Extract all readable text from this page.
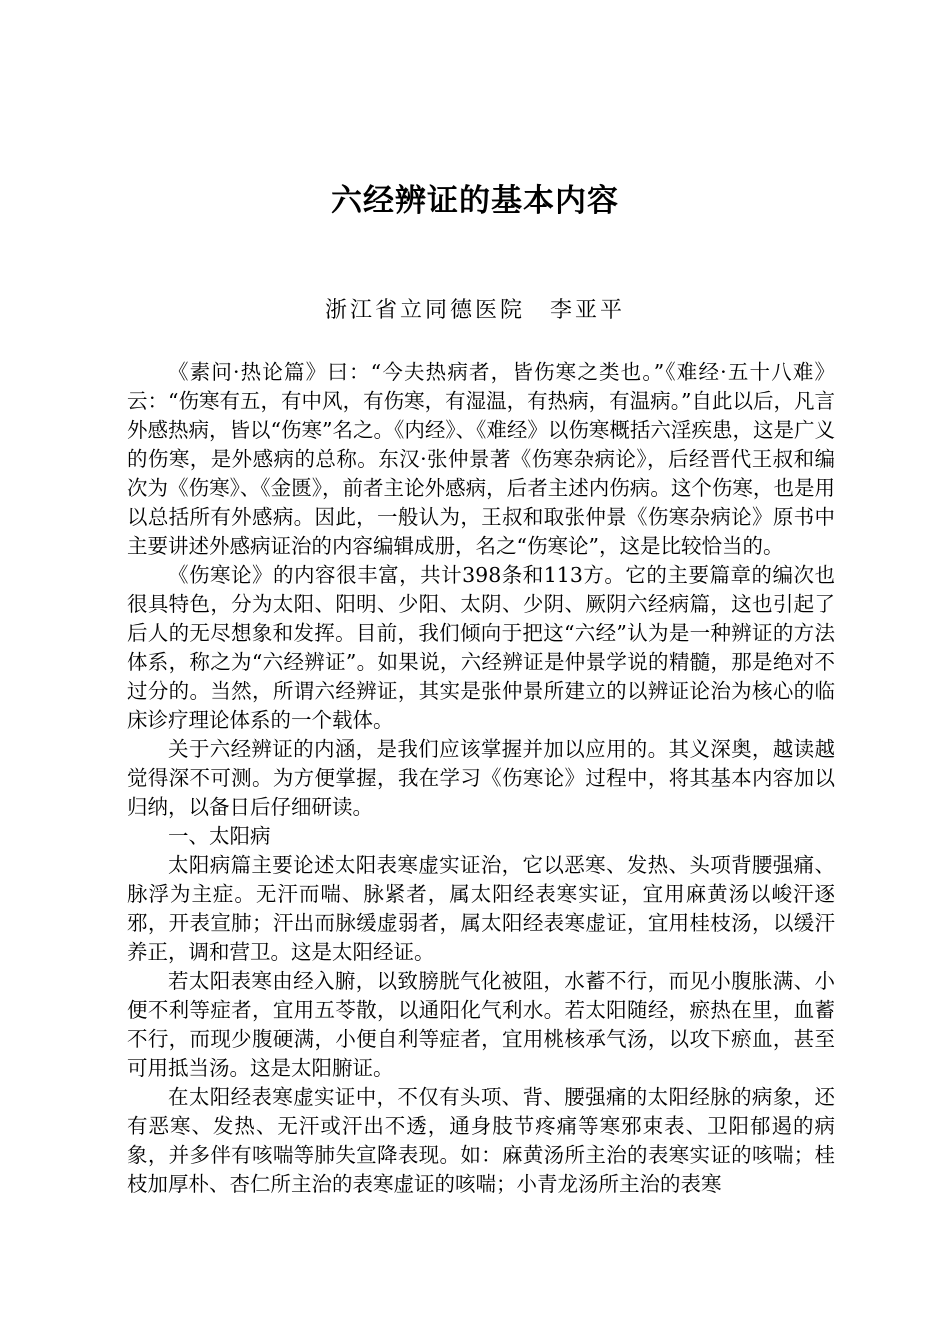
六经辨证的基本内容
浙江省立同德医院　李亚平

《素问·热论篇》曰：“今夫热病者，皆伤寒之类也。”《难经·五十八难》云：“伤寒有五，有中风，有伤寒，有湿温，有热病，有温病。”自此以后，凡言外感热病，皆以“伤寒”名之。《内经》、《难经》以伤寒概括六淫疾患，这是广义的伤寒，是外感病的总称。东汉·张仲景著《伤寒杂病论》，后经晋代王叔和编次为《伤寒》、《金匮》，前者主论外感病，后者主述内伤病。这个伤寒，也是用以总括所有外感病。因此，一般认为，王叔和取张仲景《伤寒杂病论》原书中主要讲述外感病证治的内容编辑成册，名之“伤寒论”，这是比较恰当的。

《伤寒论》的内容很丰富，共计398条和113方。它的主要篇章的编次也很具特色，分为太阳、阳明、少阳、太阴、少阴、厥阴六经病篇，这也引起了后人的无尽想象和发挥。目前，我们倾向于把这“六经”认为是一种辨证的方法体系，称之为“六经辨证”。如果说，六经辨证是仲景学说的精髓，那是绝对不过分的。当然，所谓六经辨证，其实是张仲景所建立的以辨证论治为核心的临床诊疗理论体系的一个载体。

关于六经辨证的内涵，是我们应该掌握并加以应用的。其义深奥，越读越觉得深不可测。为方便掌握，我在学习《伤寒论》过程中，将其基本内容加以归纳，以备日后仔细研读。

一、太阳病

太阳病篇主要论述太阳表寒虚实证治，它以恶寒、发热、头项背腰强痛、脉浮为主症。无汗而喘、脉紧者，属太阳经表寒实证，宜用麻黄汤以峻汗逐邪，开表宣肺；汗出而脉缓虚弱者，属太阳经表寒虚证，宜用桂枝汤，以缓汗养正，调和营卫。这是太阳经证。

若太阳表寒由经入腑，以致膀胱气化被阻，水蓄不行，而见小腹胀满、小便不利等症者，宜用五苓散，以通阳化气利水。若太阳随经，瘀热在里，血蓄不行，而现少腹硬满，小便自利等症者，宜用桃核承气汤，以攻下瘀血，甚至可用抵当汤。这是太阳腑证。

在太阳经表寒虚实证中，不仅有头项、背、腰强痛的太阳经脉的病象，还有恶寒、发热、无汗或汗出不透，通身肢节疼痛等寒邪束表、卫阳郁遏的病象，并多伴有咳喘等肺失宣降表现。如：麻黄汤所主治的表寒实证的咳喘；桂枝加厚朴、杏仁所主治的表寒虚证的咳喘；小青龙汤所主治的表寒
